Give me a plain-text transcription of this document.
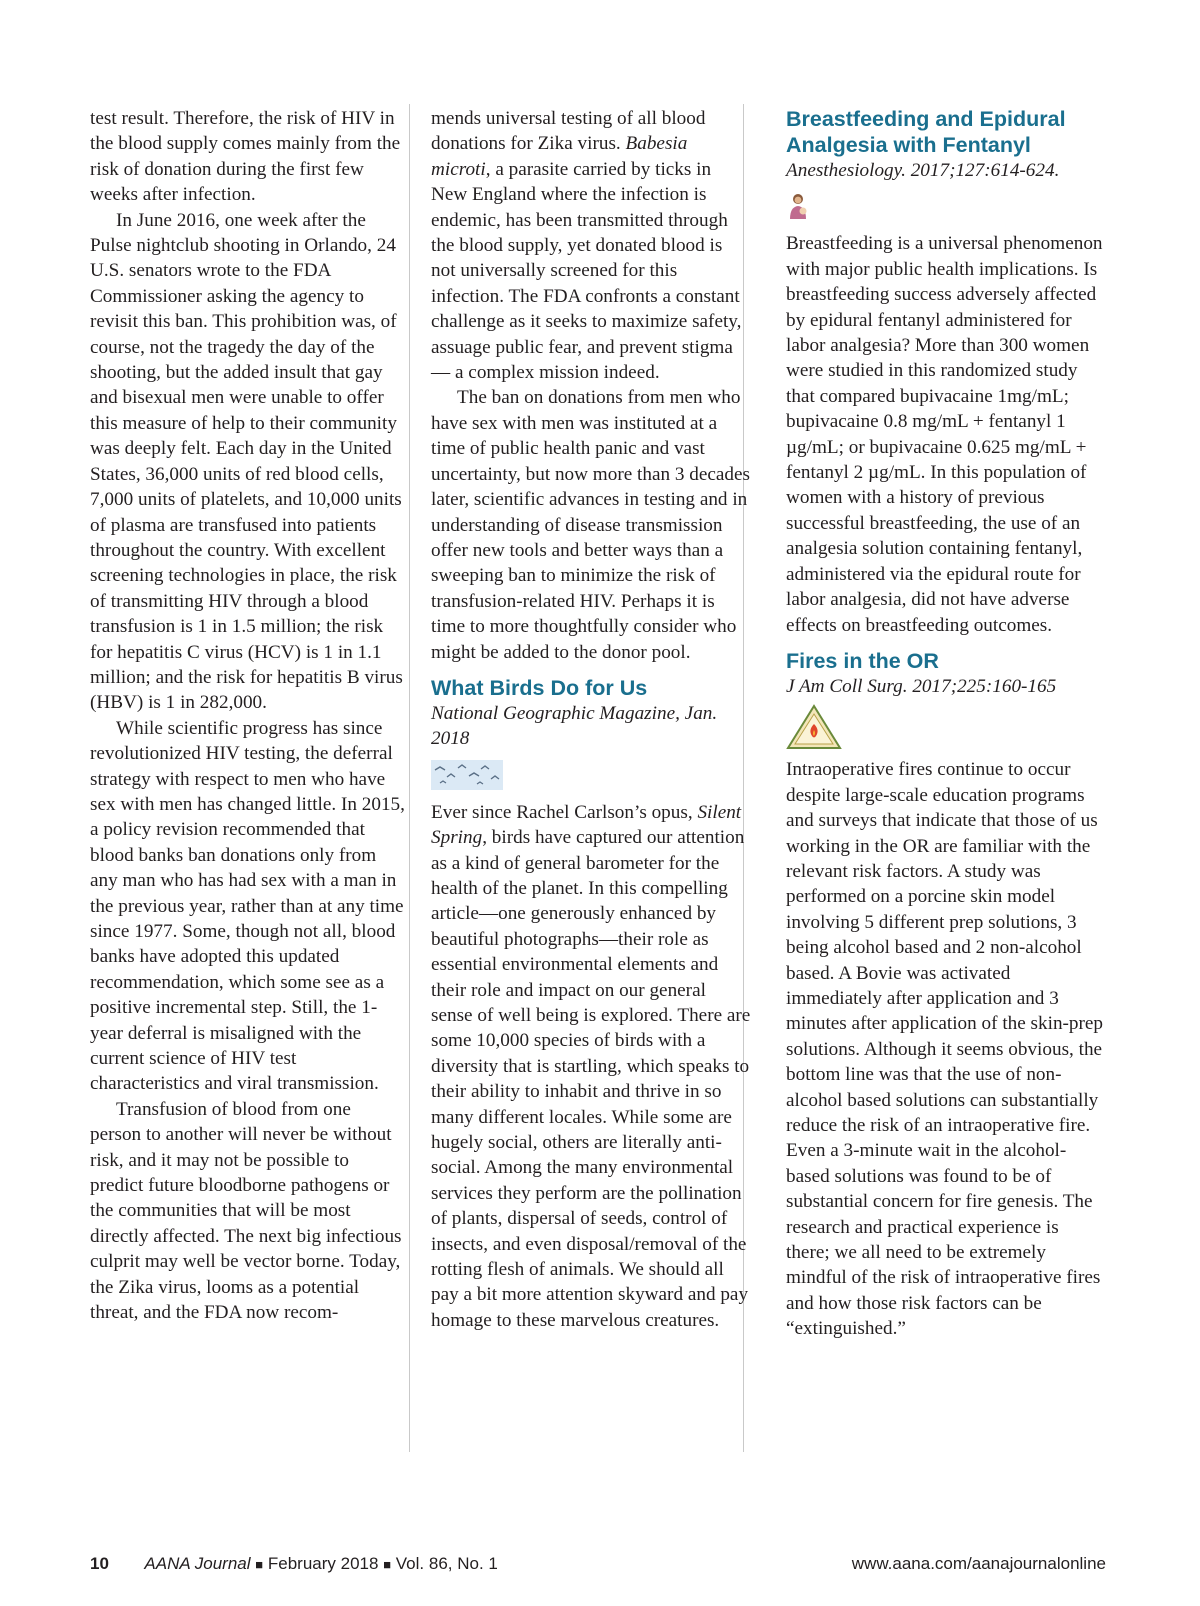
test result. Therefore, the risk of HIV in the blood supply comes mainly from the risk of donation during the first few weeks after infection.

In June 2016, one week after the Pulse nightclub shooting in Orlando, 24 U.S. senators wrote to the FDA Commissioner asking the agency to revisit this ban. This prohibition was, of course, not the tragedy the day of the shooting, but the added insult that gay and bisexual men were unable to offer this measure of help to their community was deeply felt. Each day in the United States, 36,000 units of red blood cells, 7,000 units of platelets, and 10,000 units of plasma are transfused into patients throughout the country. With excellent screening technologies in place, the risk of transmitting HIV through a blood transfusion is 1 in 1.5 million; the risk for hepatitis C virus (HCV) is 1 in 1.1 million; and the risk for hepatitis B virus (HBV) is 1 in 282,000.

While scientific progress has since revolutionized HIV testing, the deferral strategy with respect to men who have sex with men has changed little. In 2015, a policy revision recommended that blood banks ban donations only from any man who has had sex with a man in the previous year, rather than at any time since 1977. Some, though not all, blood banks have adopted this updated recommendation, which some see as a positive incremental step. Still, the 1-year deferral is misaligned with the current science of HIV test characteristics and viral transmission.

Transfusion of blood from one person to another will never be without risk, and it may not be possible to predict future bloodborne pathogens or the communities that will be most directly affected. The next big infectious culprit may well be vector borne. Today, the Zika virus, looms as a potential threat, and the FDA now recom-

mends universal testing of all blood donations for Zika virus. Babesia microti, a parasite carried by ticks in New England where the infection is endemic, has been transmitted through the blood supply, yet donated blood is not universally screened for this infection. The FDA confronts a constant challenge as it seeks to maximize safety, assuage public fear, and prevent stigma — a complex mission indeed.

The ban on donations from men who have sex with men was instituted at a time of public health panic and vast uncertainty, but now more than 3 decades later, scientific advances in testing and in understanding of disease transmission offer new tools and better ways than a sweeping ban to minimize the risk of transfusion-related HIV. Perhaps it is time to more thoughtfully consider who might be added to the donor pool.

What Birds Do for Us
National Geographic Magazine, Jan. 2018

Ever since Rachel Carlson’s opus, Silent Spring, birds have captured our attention as a kind of general barometer for the health of the planet. In this compelling article—one generously enhanced by beautiful photographs—their role as essential environmental elements and their role and impact on our general sense of well being is explored. There are some 10,000 species of birds with a diversity that is startling, which speaks to their ability to inhabit and thrive in so many different locales. While some are hugely social, others are literally anti-social. Among the many environmental services they perform are the pollination of plants, dispersal of seeds, control of insects, and even disposal/removal of the rotting flesh of animals. We should all pay a bit more attention skyward and pay homage to these marvelous creatures.

Breastfeeding and Epidural Analgesia with Fentanyl
Anesthesiology. 2017;127:614-624.

Breastfeeding is a universal phenomenon with major public health implications. Is breastfeeding success adversely affected by epidural fentanyl administered for labor analgesia? More than 300 women were studied in this randomized study that compared bupivacaine 1mg/mL; bupivacaine 0.8 mg/mL + fentanyl 1 µg/mL; or bupivacaine 0.625 mg/mL + fentanyl 2 µg/mL. In this population of women with a history of previous successful breastfeeding, the use of an analgesia solution containing fentanyl, administered via the epidural route for labor analgesia, did not have adverse effects on breastfeeding outcomes.

Fires in the OR
J Am Coll Surg. 2017;225:160-165

Intraoperative fires continue to occur despite large-scale education programs and surveys that indicate that those of us working in the OR are familiar with the relevant risk factors. A study was performed on a porcine skin model involving 5 different prep solutions, 3 being alcohol based and 2 non-alcohol based. A Bovie was activated immediately after application and 3 minutes after application of the skin-prep solutions. Although it seems obvious, the bottom line was that the use of non-alcohol based solutions can substantially reduce the risk of an intraoperative fire. Even a 3-minute wait in the alcohol-based solutions was found to be of substantial concern for fire genesis. The research and practical experience is there; we all need to be extremely mindful of the risk of intraoperative fires and how those risk factors can be “extinguished.”

10 AANA Journal ■ February 2018 ■ Vol. 86, No. 1	www.aana.com/aanajournalonline
